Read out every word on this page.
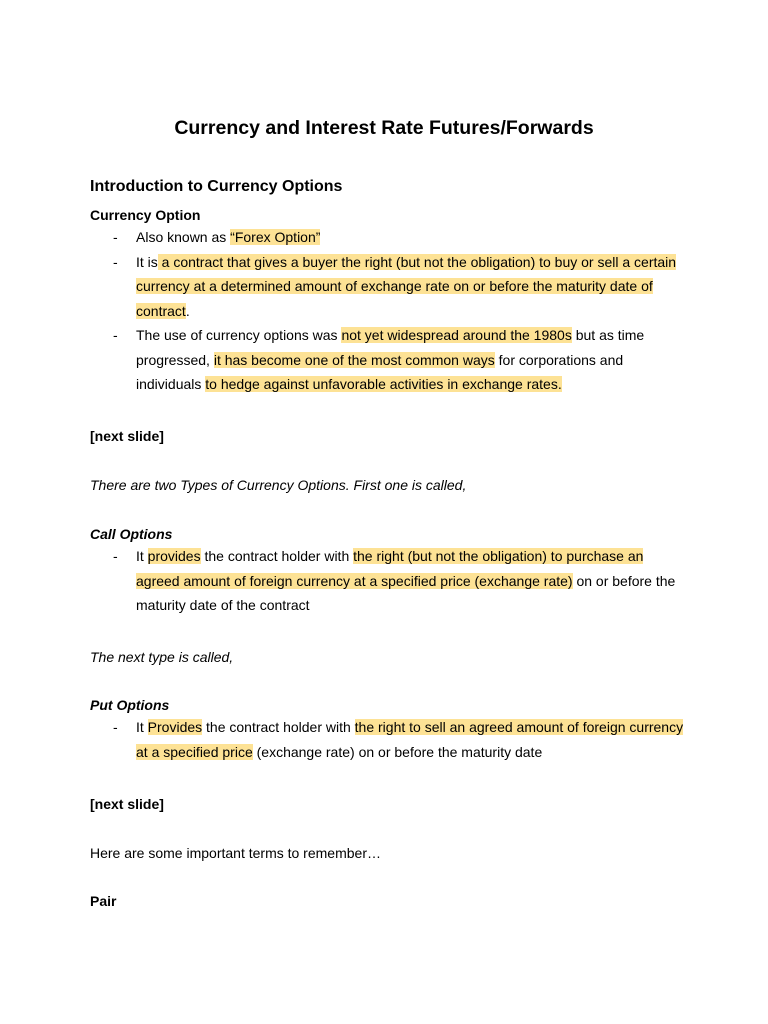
Currency and Interest Rate Futures/Forwards
Introduction to Currency Options
Currency Option
- Also known as “Forex Option”
- It is a contract that gives a buyer the right (but not the obligation) to buy or sell a certain currency at a determined amount of exchange rate on or before the maturity date of contract.
- The use of currency options was not yet widespread around the 1980s but as time progressed, it has become one of the most common ways for corporations and individuals to hedge against unfavorable activities in exchange rates.
[next slide]
There are two Types of Currency Options. First one is called,
Call Options
- It provides the contract holder with the right (but not the obligation) to purchase an agreed amount of foreign currency at a specified price (exchange rate) on or before the maturity date of the contract
The next type is called,
Put Options
- It Provides the contract holder with the right to sell an agreed amount of foreign currency at a specified price (exchange rate) on or before the maturity date
[next slide]
Here are some important terms to remember…
Pair
